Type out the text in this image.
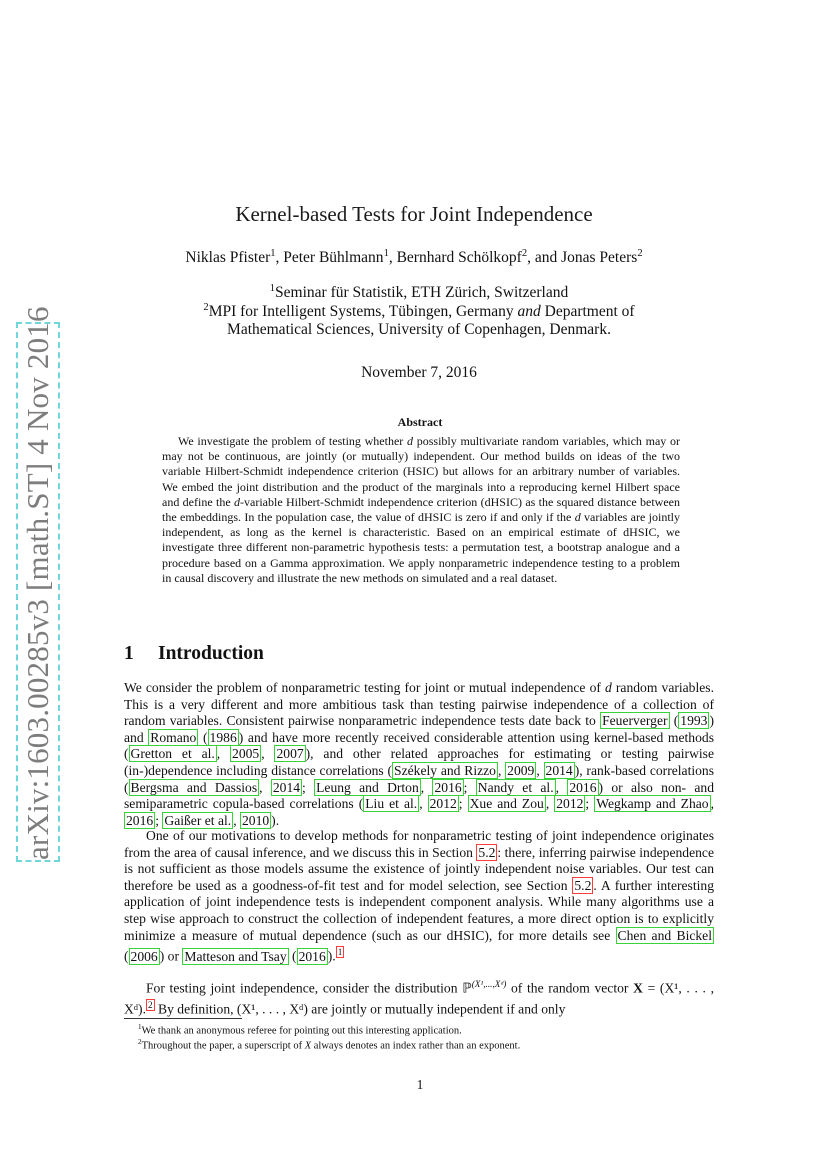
arXiv:1603.00285v3 [math.ST] 4 Nov 2016
Kernel-based Tests for Joint Independence
Niklas Pfister$^1$, Peter Bühlmann$^1$, Bernhard Schölkopf$^2$, and Jonas Peters$^2$
$^1$Seminar für Statistik, ETH Zürich, Switzerland
$^2$MPI for Intelligent Systems, Tübingen, Germany and Department of
Mathematical Sciences, University of Copenhagen, Denmark.
November 7, 2016
Abstract
We investigate the problem of testing whether d possibly multivariate random variables, which may or may not be continuous, are jointly (or mutually) independent. Our method builds on ideas of the two variable Hilbert-Schmidt independence criterion (HSIC) but allows for an arbitrary number of variables. We embed the joint distribution and the product of the marginals into a reproducing kernel Hilbert space and define the d-variable Hilbert-Schmidt independence criterion (dHSIC) as the squared distance between the embeddings. In the population case, the value of dHSIC is zero if and only if the d variables are jointly independent, as long as the kernel is characteristic. Based on an empirical estimate of dHSIC, we investigate three different non-parametric hypothesis tests: a permutation test, a bootstrap analogue and a procedure based on a Gamma approximation. We apply nonparametric independence testing to a problem in causal discovery and illustrate the new methods on simulated and a real dataset.
1 Introduction
We consider the problem of nonparametric testing for joint or mutual independence of d random variables. This is a very different and more ambitious task than testing pairwise independence of a collection of random variables. Consistent pairwise nonparametric independence tests date back to Feuerverger ( 1993 ) and Romano ( 1986 ) and have more recently received considerable attention using kernel-based methods ( Gretton et al. , 2005 , 2007 ), and other related approaches for estimating or testing pairwise (in-)dependence including distance correlations ( Székely and Rizzo , 2009 , 2014 ), rank-based correlations ( Bergsma and Dassios , 2014 ; Leung and Drton , 2016 ; Nandy et al. , 2016 ) or also non- and semiparametric copula-based correlations ( Liu et al. , 2012 ; Xue and Zou , 2012 ; Wegkamp and Zhao , 2016 ; Gaißer et al. , 2010 ).
One of our motivations to develop methods for nonparametric testing of joint independence originates from the area of causal inference, and we discuss this in Section 5.2 : there, inferring pairwise independence is not sufficient as those models assume the existence of jointly independent noise variables. Our test can therefore be used as a goodness-of-fit test and for model selection, see Section 5.2 . A further interesting application of joint independence tests is independent component analysis. While many algorithms use a step wise approach to construct the collection of independent features, a more direct option is to explicitly minimize a measure of mutual dependence (such as our dHSIC), for more details see Chen and Bickel ( 2006 ) or Matteson and Tsay ( 2016 ). $^1$
For testing joint independence, consider the distribution ℙ$^{(X^1,...,Xᵈ)}$ of the random vector X = (X¹, . . . , Xᵈ). $^2$ By definition, (X¹, . . . , Xᵈ) are jointly or mutually independent if and only
$^1$We thank an anonymous referee for pointing out this interesting application.
$^2$Throughout the paper, a superscript of X always denotes an index rather than an exponent.
1
